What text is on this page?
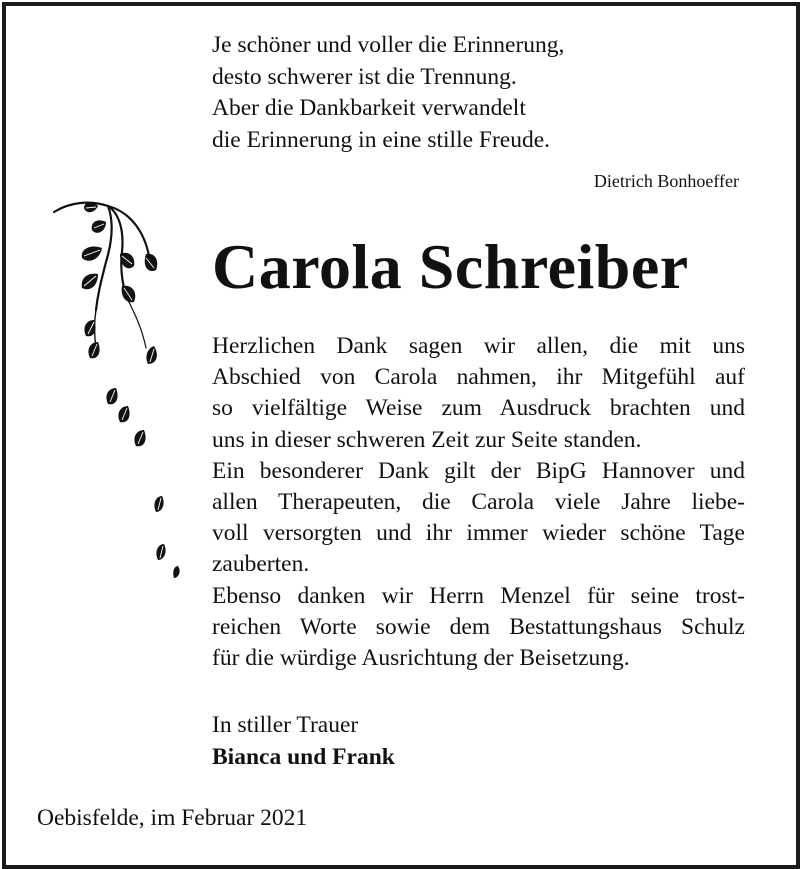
Je schöner und voller die Erinnerung,
desto schwerer ist die Trennung.
Aber die Dankbarkeit verwandelt
die Erinnerung in eine stille Freude.
Dietrich Bonhoeffer
Carola Schreiber
Herzlichen Dank sagen wir allen, die mit uns
Abschied von Carola nahmen, ihr Mitgefühl auf
so vielfältige Weise zum Ausdruck brachten und
uns in dieser schweren Zeit zur Seite standen.
Ein besonderer Dank gilt der BipG Hannover und
allen Therapeuten, die Carola viele Jahre liebe-
voll versorgten und ihr immer wieder schöne Tage
zauberten.
Ebenso danken wir Herrn Menzel für seine trost-
reichen Worte sowie dem Bestattungshaus Schulz
für die würdige Ausrichtung der Beisetzung.
In stiller Trauer
Bianca und Frank
Oebisfelde, im Februar 2021
